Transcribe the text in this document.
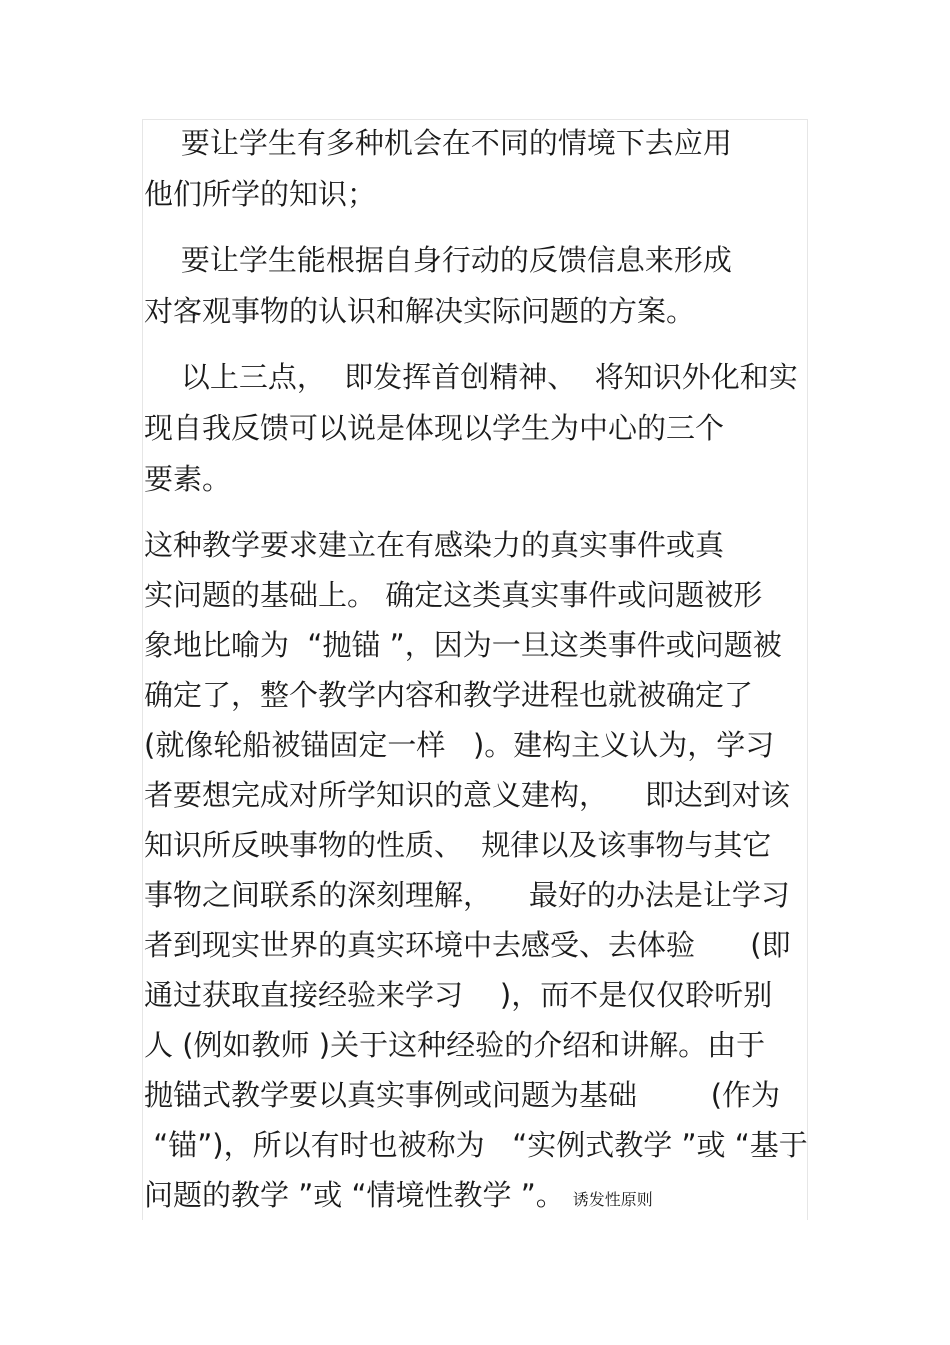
要让学生有多种机会在不同的情境下去应用
他们所学的知识；
要让学生能根据自身行动的反馈信息来形成
对客观事物的认识和解决实际问题的方案。
以上三点，  即发挥首创精神、  将知识外化和实
现自我反馈可以说是体现以学生为中心的三个
要素。
这种教学要求建立在有感染力的真实事件或真
实问题的基础上。 确定这类真实事件或问题被形
象地比喻为  “抛锚 ”，因为一旦这类事件或问题被
确定了，整个教学内容和教学进程也就被确定了
(就像轮船被锚固定一样   )。建构主义认为，学习
者要想完成对所学知识的意义建构，    即达到对该
知识所反映事物的性质、  规律以及该事物与其它
事物之间联系的深刻理解，    最好的办法是让学习
者到现实世界的真实环境中去感受、去体验      (即
通过获取直接经验来学习    )，而不是仅仅聆听别
人 (例如教师 )关于这种经验的介绍和讲解。由于
抛锚式教学要以真实事例或问题为基础        (作为
“锚”)，所以有时也被称为   “实例式教学 ”或 “基于
问题的教学 ”或 “情境性教学 ”。 诱发性原则
